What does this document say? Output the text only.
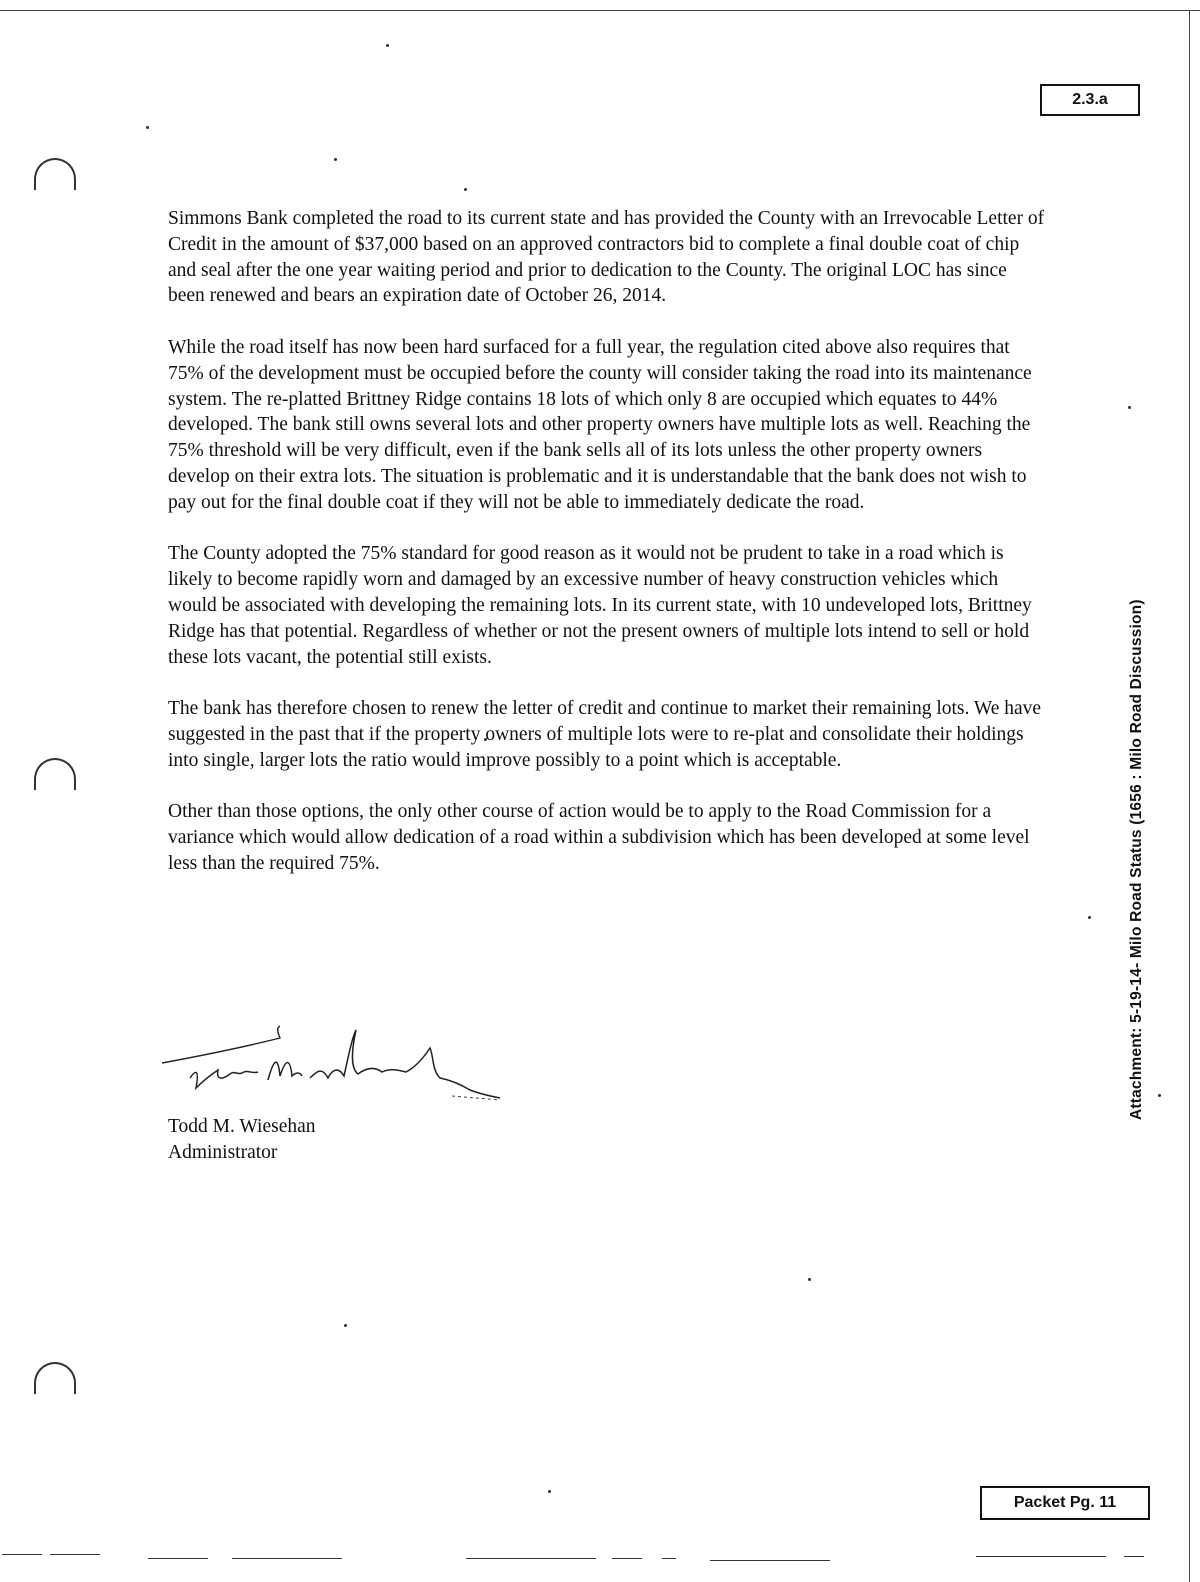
2.3.a

Simmons Bank completed the road to its current state and has provided the County with an Irrevocable Letter of Credit in the amount of $37,000 based on an approved contractors bid to complete a final double coat of chip and seal after the one year waiting period and prior to dedication to the County. The original LOC has since been renewed and bears an expiration date of October 26, 2014.

While the road itself has now been hard surfaced for a full year, the regulation cited above also requires that 75% of the development must be occupied before the county will consider taking the road into its maintenance system. The re-platted Brittney Ridge contains 18 lots of which only 8 are occupied which equates to 44% developed. The bank still owns several lots and other property owners have multiple lots as well. Reaching the 75% threshold will be very difficult, even if the bank sells all of its lots unless the other property owners develop on their extra lots. The situation is problematic and it is understandable that the bank does not wish to pay out for the final double coat if they will not be able to immediately dedicate the road.

The County adopted the 75% standard for good reason as it would not be prudent to take in a road which is likely to become rapidly worn and damaged by an excessive number of heavy construction vehicles which would be associated with developing the remaining lots. In its current state, with 10 undeveloped lots, Brittney Ridge has that potential. Regardless of whether or not the present owners of multiple lots intend to sell or hold these lots vacant, the potential still exists.

The bank has therefore chosen to renew the letter of credit and continue to market their remaining lots. We have suggested in the past that if the property owners of multiple lots were to re-plat and consolidate their holdings into single, larger lots the ratio would improve possibly to a point which is acceptable.

Other than those options, the only other course of action would be to apply to the Road Commission for a variance which would allow dedication of a road within a subdivision which has been developed at some level less than the required 75%.

Todd M. Wiesehan
Administrator
Attachment: 5-19-14- Milo Road Status (1656 : Milo Road Discussion)
Packet Pg. 11
